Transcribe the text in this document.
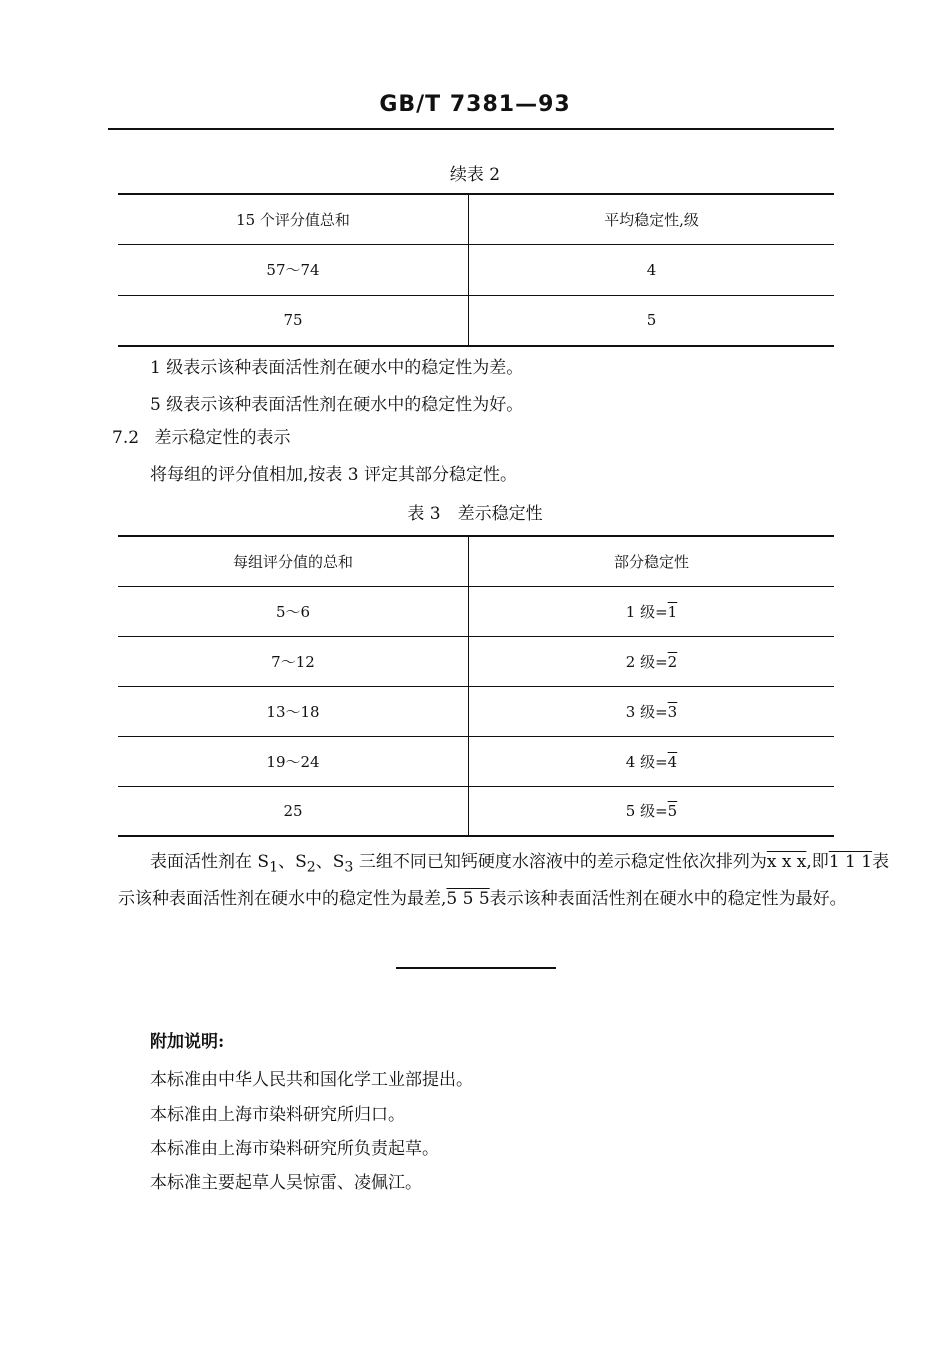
GB/T 7381—93
续表 2
15 个评分值总和	平均稳定性,级
57～74	4
75	5
1 级表示该种表面活性剂在硬水中的稳定性为差。
5 级表示该种表面活性剂在硬水中的稳定性为好。
7.2 差示稳定性的表示
将每组的评分值相加,按表 3 评定其部分稳定性。
表 3　差示稳定性
每组评分值的总和	部分稳定性
5～6	1 级=1
7～12	2 级=2
13～18	3 级=3
19～24	4 级=4
25	5 级=5
表面活性剂在 $S_1$、$S_2$、$S_3$ 三组不同已知钙硬度水溶液中的差示稳定性依次排列为x x x,即1 1 1表
示该种表面活性剂在硬水中的稳定性为最差,5 5 5表示该种表面活性剂在硬水中的稳定性为最好。
附加说明:
本标准由中华人民共和国化学工业部提出。
本标准由上海市染料研究所归口。
本标准由上海市染料研究所负责起草。
本标准主要起草人吴惊雷、凌佩江。
